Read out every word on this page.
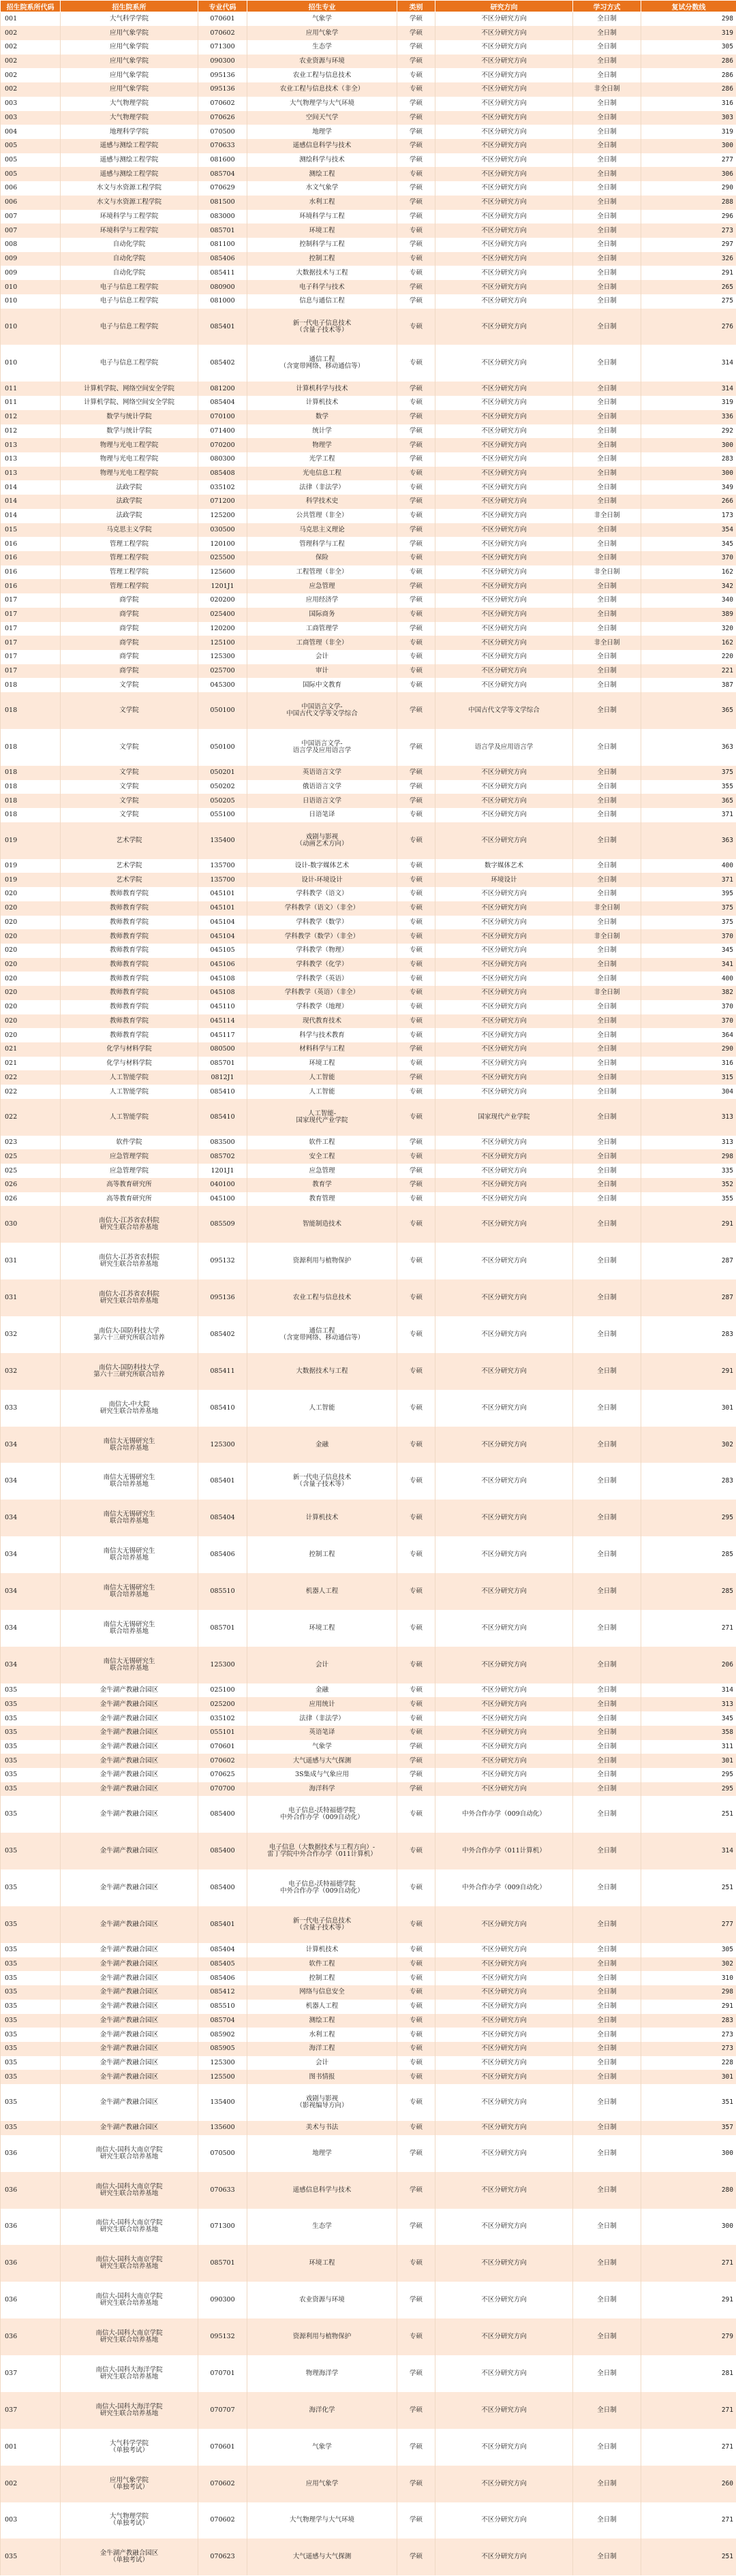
招生院系所代码	招生院系所	专业代码	招生专业	类别	研究方向	学习方式	复试分数线
001	大气科学学院	070601	气象学	学硕	不区分研究方向	全日制	298
002	应用气象学院	070602	应用气象学	学硕	不区分研究方向	全日制	319
002	应用气象学院	071300	生态学	学硕	不区分研究方向	全日制	305
002	应用气象学院	090300	农业资源与环境	学硕	不区分研究方向	全日制	286
002	应用气象学院	095136	农业工程与信息技术	专硕	不区分研究方向	全日制	286
002	应用气象学院	095136	农业工程与信息技术（非全）	专硕	不区分研究方向	非全日制	286
003	大气物理学院	070602	大气物理学与大气环境	学硕	不区分研究方向	全日制	316
003	大气物理学院	070626	空间天气学	学硕	不区分研究方向	全日制	303
004	地理科学学院	070500	地理学	学硕	不区分研究方向	全日制	319
005	遥感与测绘工程学院	070633	遥感信息科学与技术	学硕	不区分研究方向	全日制	300
005	遥感与测绘工程学院	081600	测绘科学与技术	学硕	不区分研究方向	全日制	277
005	遥感与测绘工程学院	085704	测绘工程	专硕	不区分研究方向	全日制	306
006	水文与水资源工程学院	070629	水文气象学	学硕	不区分研究方向	全日制	290
006	水文与水资源工程学院	081500	水利工程	学硕	不区分研究方向	全日制	288
007	环境科学与工程学院	083000	环境科学与工程	学硕	不区分研究方向	全日制	296
007	环境科学与工程学院	085701	环境工程	专硕	不区分研究方向	全日制	273
008	自动化学院	081100	控制科学与工程	学硕	不区分研究方向	全日制	297
009	自动化学院	085406	控制工程	专硕	不区分研究方向	全日制	326
009	自动化学院	085411	大数据技术与工程	专硕	不区分研究方向	全日制	291
010	电子与信息工程学院	080900	电子科学与技术	学硕	不区分研究方向	全日制	265
010	电子与信息工程学院	081000	信息与通信工程	学硕	不区分研究方向	全日制	275
010	电子与信息工程学院	085401	新一代电子信息技术
（含量子技术等）	专硕	不区分研究方向	全日制	276
010	电子与信息工程学院	085402	通信工程
（含宽带网络、移动通信等）	专硕	不区分研究方向	全日制	314
011	计算机学院、网络空间安全学院	081200	计算机科学与技术	学硕	不区分研究方向	全日制	314
011	计算机学院、网络空间安全学院	085404	计算机技术	专硕	不区分研究方向	全日制	319
012	数学与统计学院	070100	数学	学硕	不区分研究方向	全日制	336
012	数学与统计学院	071400	统计学	学硕	不区分研究方向	全日制	292
013	物理与光电工程学院	070200	物理学	学硕	不区分研究方向	全日制	300
013	物理与光电工程学院	080300	光学工程	学硕	不区分研究方向	全日制	283
013	物理与光电工程学院	085408	光电信息工程	专硕	不区分研究方向	全日制	300
014	法政学院	035102	法律（非法学）	专硕	不区分研究方向	全日制	349
014	法政学院	071200	科学技术史	学硕	不区分研究方向	全日制	266
014	法政学院	125200	公共管理（非全）	专硕	不区分研究方向	非全日制	173
015	马克思主义学院	030500	马克思主义理论	学硕	不区分研究方向	全日制	354
016	管理工程学院	120100	管理科学与工程	学硕	不区分研究方向	全日制	345
016	管理工程学院	025500	保险	专硕	不区分研究方向	全日制	370
016	管理工程学院	125600	工程管理（非全）	专硕	不区分研究方向	非全日制	162
016	管理工程学院	1201J1	应急管理	学硕	不区分研究方向	全日制	342
017	商学院	020200	应用经济学	学硕	不区分研究方向	全日制	340
017	商学院	025400	国际商务	专硕	不区分研究方向	全日制	389
017	商学院	120200	工商管理学	学硕	不区分研究方向	全日制	320
017	商学院	125100	工商管理（非全）	专硕	不区分研究方向	非全日制	162
017	商学院	125300	会计	专硕	不区分研究方向	全日制	220
017	商学院	025700	审计	专硕	不区分研究方向	全日制	221
018	文学院	045300	国际中文教育	专硕	不区分研究方向	全日制	387
018	文学院	050100	中国语言文学-
中国古代文学等文学综合	学硕	中国古代文学等文学综合	全日制	365
018	文学院	050100	中国语言文学-
语言学及应用语言学	学硕	语言学及应用语言学	全日制	363
018	文学院	050201	英语语言文学	学硕	不区分研究方向	全日制	375
018	文学院	050202	俄语语言文学	学硕	不区分研究方向	全日制	355
018	文学院	050205	日语语言文学	学硕	不区分研究方向	全日制	365
018	文学院	055100	日语笔译	专硕	不区分研究方向	全日制	371
019	艺术学院	135400	戏剧与影视
（动画艺术方向）	专硕	不区分研究方向	全日制	363
019	艺术学院	135700	设计-数字媒体艺术	专硕	数字媒体艺术	全日制	400
019	艺术学院	135700	设计-环境设计	专硕	环境设计	全日制	371
020	教师教育学院	045101	学科教学（语文）	专硕	不区分研究方向	全日制	395
020	教师教育学院	045101	学科教学（语文）（非全）	专硕	不区分研究方向	非全日制	375
020	教师教育学院	045104	学科教学（数学）	专硕	不区分研究方向	全日制	375
020	教师教育学院	045104	学科教学（数学）（非全）	专硕	不区分研究方向	非全日制	370
020	教师教育学院	045105	学科教学（物理）	专硕	不区分研究方向	全日制	345
020	教师教育学院	045106	学科教学（化学）	专硕	不区分研究方向	全日制	341
020	教师教育学院	045108	学科教学（英语）	专硕	不区分研究方向	全日制	400
020	教师教育学院	045108	学科教学（英语）（非全）	专硕	不区分研究方向	非全日制	382
020	教师教育学院	045110	学科教学（地理）	专硕	不区分研究方向	全日制	370
020	教师教育学院	045114	现代教育技术	专硕	不区分研究方向	全日制	370
020	教师教育学院	045117	科学与技术教育	专硕	不区分研究方向	全日制	364
021	化学与材料学院	080500	材料科学与工程	学硕	不区分研究方向	全日制	290
021	化学与材料学院	085701	环境工程	专硕	不区分研究方向	全日制	316
022	人工智能学院	0812J1	人工智能	学硕	不区分研究方向	全日制	315
022	人工智能学院	085410	人工智能	专硕	不区分研究方向	全日制	304
022	人工智能学院	085410	人工智能-
国家现代产业学院	专硕	国家现代产业学院	全日制	313
023	软件学院	083500	软件工程	学硕	不区分研究方向	全日制	313
025	应急管理学院	085702	安全工程	专硕	不区分研究方向	全日制	298
025	应急管理学院	1201J1	应急管理	学硕	不区分研究方向	全日制	335
026	高等教育研究所	040100	教育学	学硕	不区分研究方向	全日制	352
026	高等教育研究所	045100	教育管理	专硕	不区分研究方向	全日制	355
030	南信大-江苏省农科院
研究生联合培养基地	085509	智能制造技术	专硕	不区分研究方向	全日制	291
031	南信大-江苏省农科院
研究生联合培养基地	095132	资源利用与植物保护	专硕	不区分研究方向	全日制	287
031	南信大-江苏省农科院
研究生联合培养基地	095136	农业工程与信息技术	专硕	不区分研究方向	全日制	287
032	南信大-国防科技大学
第六十三研究所联合培养	085402	通信工程
（含宽带网络、移动通信等）	专硕	不区分研究方向	全日制	283
032	南信大-国防科技大学
第六十三研究所联合培养	085411	大数据技术与工程	专硕	不区分研究方向	全日制	291
033	南信大-中大院
研究生联合培养基地	085410	人工智能	专硕	不区分研究方向	全日制	301
034	南信大无锡研究生
联合培养基地	125300	金融	专硕	不区分研究方向	全日制	302
034	南信大无锡研究生
联合培养基地	085401	新一代电子信息技术
（含量子技术等）	专硕	不区分研究方向	全日制	283
034	南信大无锡研究生
联合培养基地	085404	计算机技术	专硕	不区分研究方向	全日制	295
034	南信大无锡研究生
联合培养基地	085406	控制工程	专硕	不区分研究方向	全日制	285
034	南信大无锡研究生
联合培养基地	085510	机器人工程	专硕	不区分研究方向	全日制	285
034	南信大无锡研究生
联合培养基地	085701	环境工程	专硕	不区分研究方向	全日制	271
034	南信大无锡研究生
联合培养基地	125300	会计	专硕	不区分研究方向	全日制	206
035	金牛湖产教融合园区	025100	金融	专硕	不区分研究方向	全日制	314
035	金牛湖产教融合园区	025200	应用统计	专硕	不区分研究方向	全日制	313
035	金牛湖产教融合园区	035102	法律（非法学）	专硕	不区分研究方向	全日制	345
035	金牛湖产教融合园区	055101	英语笔译	专硕	不区分研究方向	全日制	358
035	金牛湖产教融合园区	070601	气象学	学硕	不区分研究方向	全日制	311
035	金牛湖产教融合园区	070602	大气遥感与大气探测	学硕	不区分研究方向	全日制	301
035	金牛湖产教融合园区	070625	3S集成与气象应用	学硕	不区分研究方向	全日制	295
035	金牛湖产教融合园区	070700	海洋科学	学硕	不区分研究方向	全日制	295
035	金牛湖产教融合园区	085400	电子信息-沃特福德学院
中外合作办学（009自动化）	专硕	中外合作办学（009自动化）	全日制	251
035	金牛湖产教融合园区	085400	电子信息（大数据技术与工程方向）-
雷丁学院中外合作办学（011计算机）	专硕	中外合作办学（011计算机）	全日制	314
035	金牛湖产教融合园区	085400	电子信息-沃特福德学院
中外合作办学（009自动化）	专硕	中外合作办学（009自动化）	全日制	251
035	金牛湖产教融合园区	085401	新一代电子信息技术
（含量子技术等）	专硕	不区分研究方向	全日制	277
035	金牛湖产教融合园区	085404	计算机技术	专硕	不区分研究方向	全日制	305
035	金牛湖产教融合园区	085405	软件工程	专硕	不区分研究方向	全日制	302
035	金牛湖产教融合园区	085406	控制工程	专硕	不区分研究方向	全日制	310
035	金牛湖产教融合园区	085412	网络与信息安全	专硕	不区分研究方向	全日制	298
035	金牛湖产教融合园区	085510	机器人工程	专硕	不区分研究方向	全日制	291
035	金牛湖产教融合园区	085704	测绘工程	专硕	不区分研究方向	全日制	283
035	金牛湖产教融合园区	085902	水利工程	专硕	不区分研究方向	全日制	273
035	金牛湖产教融合园区	085905	海洋工程	专硕	不区分研究方向	全日制	273
035	金牛湖产教融合园区	125300	会计	专硕	不区分研究方向	全日制	228
035	金牛湖产教融合园区	125500	图书情报	专硕	不区分研究方向	全日制	301
035	金牛湖产教融合园区	135400	戏剧与影视
（影视编导方向）	专硕	不区分研究方向	全日制	351
035	金牛湖产教融合园区	135600	美术与书法	专硕	不区分研究方向	全日制	357
036	南信大-国科大南京学院
研究生联合培养基地	070500	地理学	学硕	不区分研究方向	全日制	300
036	南信大-国科大南京学院
研究生联合培养基地	070633	遥感信息科学与技术	学硕	不区分研究方向	全日制	280
036	南信大-国科大南京学院
研究生联合培养基地	071300	生态学	学硕	不区分研究方向	全日制	300
036	南信大-国科大南京学院
研究生联合培养基地	085701	环境工程	专硕	不区分研究方向	全日制	271
036	南信大-国科大南京学院
研究生联合培养基地	090300	农业资源与环境	学硕	不区分研究方向	全日制	291
036	南信大-国科大南京学院
研究生联合培养基地	095132	资源利用与植物保护	专硕	不区分研究方向	全日制	279
037	南信大-国科大海洋学院
研究生联合培养基地	070701	物理海洋学	学硕	不区分研究方向	全日制	281
037	南信大-国科大海洋学院
研究生联合培养基地	070707	海洋化学	学硕	不区分研究方向	全日制	271
001	大气科学学院
（单独考试）	070601	气象学	学硕	不区分研究方向	全日制	271
002	应用气象学院
（单独考试）	070602	应用气象学	学硕	不区分研究方向	全日制	260
003	大气物理学院
（单独考试）	070602	大气物理学与大气环境	学硕	不区分研究方向	全日制	271
035	金牛湖产教融合园区
（单独考试）	070623	大气遥感与大气探测	学硕	不区分研究方向	全日制	251
